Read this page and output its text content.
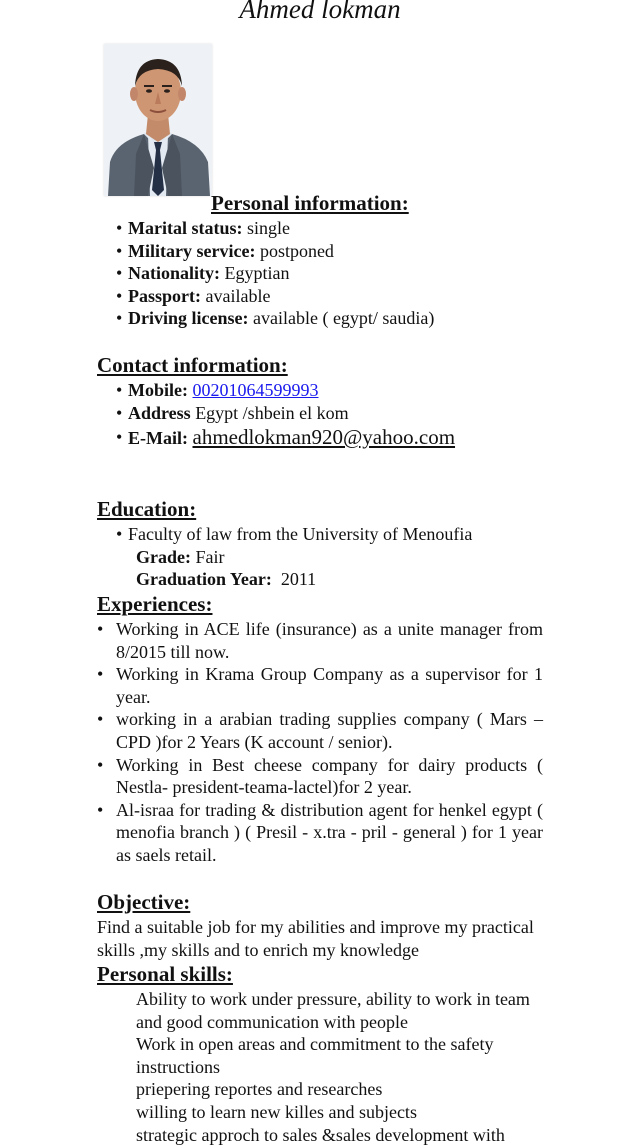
Ahmed lokman
Personal information:
• Marital status: single
• Military service: postponed
• Nationality: Egyptian
• Passport: available
• Driving license: available ( egypt/ saudia)
Contact information:
• Mobile: 00201064599993
• Address Egypt /shbein el kom
• E-Mail: ahmedlokman920@yahoo.com
Education:
• Faculty of law from the University of Menoufia
Grade: Fair
Graduation Year: 2011
Experiences:
• Working in ACE life (insurance) as a unite manager from 8/2015 till now.
• Working in Krama Group Company as a supervisor for 1 year.
• working in a arabian trading supplies company ( Mars – CPD )for 2 Years (K account / senior).
• Working in Best cheese company for dairy products ( Nestla- president-teama-lactel)for 2 year.
• Al-israa for trading & distribution agent for henkel egypt ( menofia branch ) ( Presil - x.tra - pril - general ) for 1 year as saels retail.
Objective:
Find a suitable job for my abilities and improve my practical skills ,my skills and to enrich my knowledge
Personal skills:
Ability to work under pressure, ability to work in team and good communication with people
Work in open areas and commitment to the safety instructions
priepering reportes and researches
willing to learn new killes and subjects
strategic approch to sales &sales development with
